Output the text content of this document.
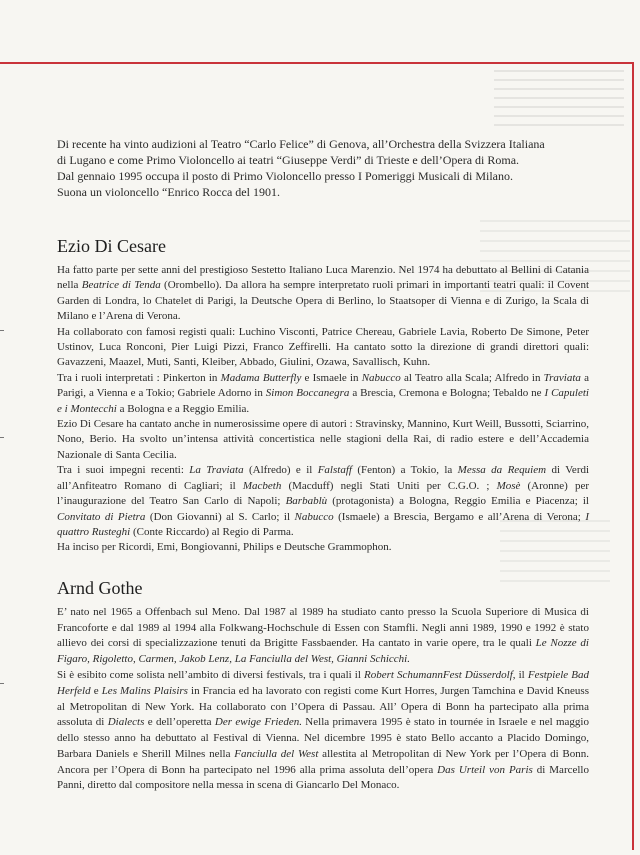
Di recente ha vinto audizioni al Teatro “Carlo Felice” di Genova, all’Orchestra della Svizzera Italiana

di Lugano e come Primo Violoncello ai teatri “Giuseppe Verdi” di Trieste e dell’Opera di Roma.

Dal gennaio 1995 occupa il posto di Primo Violoncello presso I Pomeriggi Musicali di Milano.

Suona un violoncello “Enrico Rocca del 1901.

Ezio Di Cesare

Ha fatto parte per sette anni del prestigioso Sestetto Italiano Luca Marenzio. Nel 1974 ha debuttato al Bellini di Catania nella Beatrice di Tenda (Orombello). Da allora ha sempre interpretato ruoli primari in importanti teatri quali: il Covent Garden di Londra, lo Chatelet di Parigi, la Deutsche Opera di Berlino, lo Staatsoper di Vienna e di Zurigo, la Scala di Milano e l’Arena di Verona.

Ha collaborato con famosi registi quali: Luchino Visconti, Patrice Chereau, Gabriele Lavia, Roberto De Simone, Peter Ustinov, Luca Ronconi, Pier Luigi Pizzi, Franco Zeffirelli. Ha cantato sotto la direzione di grandi direttori quali: Gavazzeni, Maazel, Muti, Santi, Kleiber, Abbado, Giulini, Ozawa, Savallisch, Kuhn.

Tra i ruoli interpretati : Pinkerton in Madama Butterfly e Ismaele in Nabucco al Teatro alla Scala; Alfredo in Traviata a Parigi, a Vienna e a Tokio; Gabriele Adorno in Simon Boccanegra a Brescia, Cremona e Bologna; Tebaldo ne I Capuleti e i Montecchi a Bologna e a Reggio Emilia.

Ezio Di Cesare ha cantato anche in numerosissime opere di autori : Stravinsky, Mannino, Kurt Weill, Bussotti, Sciarrino, Nono, Berio. Ha svolto un’intensa attività concertistica nelle stagioni della Rai, di radio estere e dell’Accademia Nazionale di Santa Cecilia.

Tra i suoi impegni recenti: La Traviata (Alfredo) e il Falstaff (Fenton) a Tokio, la Messa da Requiem di Verdi all’Anfiteatro Romano di Cagliari; il Macbeth (Macduff) negli Stati Uniti per C.G.O. ; Mosè (Aronne) per l’inaugurazione del Teatro San Carlo di Napoli; Barbablù (protagonista) a Bologna, Reggio Emilia e Piacenza; il Convitato di Pietra (Don Giovanni) al S. Carlo; il Nabucco (Ismaele) a Brescia, Bergamo e all’Arena di Verona; I quattro Rusteghi (Conte Riccardo) al Regio di Parma.

Ha inciso per Ricordi, Emi, Bongiovanni, Philips e Deutsche Grammophon.

Arnd Gothe

E’ nato nel 1965 a Offenbach sul Meno. Dal 1987 al 1989 ha studiato canto presso la Scuola Superiore di Musica di Francoforte e dal 1989 al 1994 alla Folkwang-Hochschule di Essen con Stamfli. Negli anni 1989, 1990 e 1992 è stato allievo dei corsi di specializzazione tenuti da Brigitte Fassbaender. Ha cantato in varie opere, tra le quali Le Nozze di Figaro, Rigoletto, Carmen, Jakob Lenz, La Fanciulla del West, Gianni Schicchi.

Si è esibito come solista nell’ambito di diversi festivals, tra i quali il Robert SchumannFest Düsserdolf, il Festpiele Bad Herfeld e Les Malins Plaisirs in Francia ed ha lavorato con registi come Kurt Horres, Jurgen Tamchina e David Kneuss al Metropolitan di New York. Ha collaborato con l’Opera di Passau. All’ Opera di Bonn ha partecipato alla prima assoluta di Dialects e dell’operetta Der ewige Frieden. Nella primavera 1995 è stato in tournée in Israele e nel maggio dello stesso anno ha debuttato al Festival di Vienna. Nel dicembre 1995 è stato Bello accanto a Placido Domingo, Barbara Daniels e Sherill Milnes nella Fanciulla del West allestita al Metropolitan di New York per l’Opera di Bonn. Ancora per l’Opera di Bonn ha partecipato nel 1996 alla prima assoluta dell’opera Das Urteil von Paris di Marcello Panni, diretto dal compositore nella messa in scena di Giancarlo Del Monaco.
